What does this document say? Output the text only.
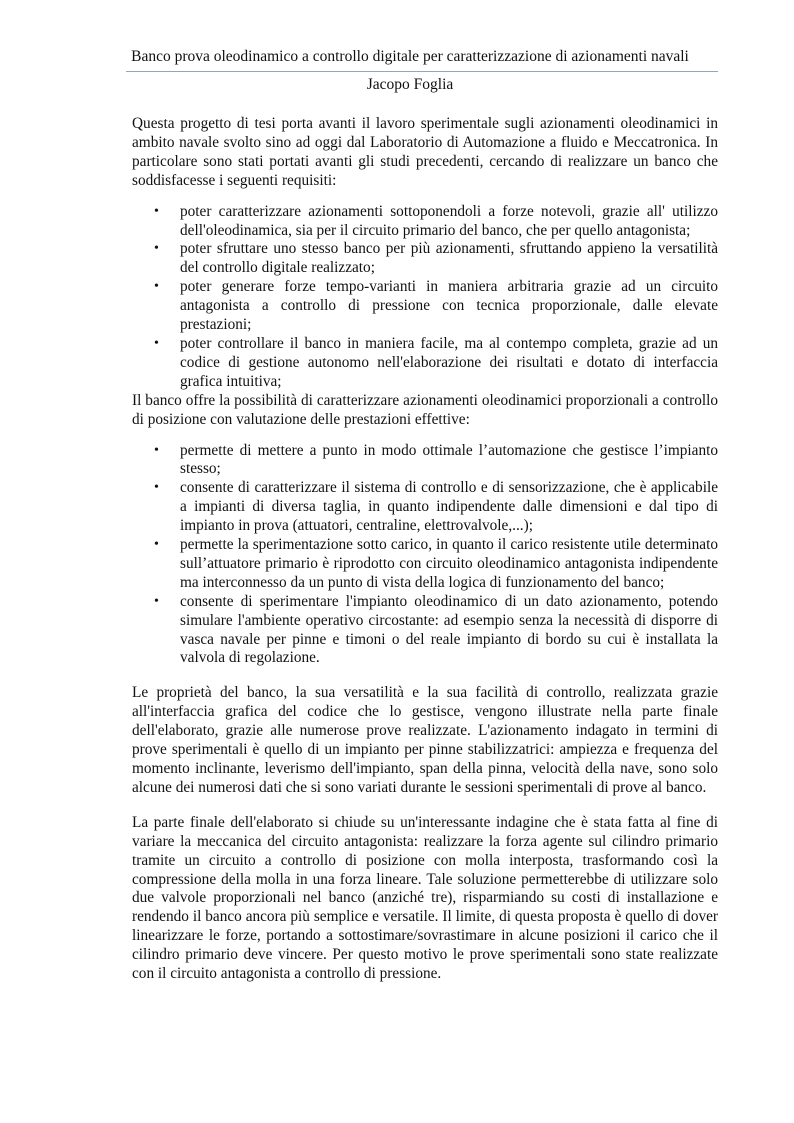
Banco prova oleodinamico a controllo digitale per caratterizzazione di azionamenti navali
Jacopo Foglia

Questa progetto di tesi porta avanti il lavoro sperimentale sugli azionamenti oleodinamici in ambito navale svolto sino ad oggi dal Laboratorio di Automazione a fluido e Meccatronica. In particolare sono stati portati avanti gli studi precedenti, cercando di realizzare un banco che soddisfacesse i seguenti requisiti:

• poter caratterizzare azionamenti sottoponendoli a forze notevoli, grazie all' utilizzo dell'oleodinamica, sia per il circuito primario del banco, che per quello antagonista;
• poter sfruttare uno stesso banco per più azionamenti, sfruttando appieno la versatilità del controllo digitale realizzato;
• poter generare forze tempo-varianti in maniera arbitraria grazie ad un circuito antagonista a controllo di pressione con tecnica proporzionale, dalle elevate prestazioni;
• poter controllare il banco in maniera facile, ma al contempo completa, grazie ad un codice di gestione autonomo nell'elaborazione dei risultati e dotato di interfaccia grafica intuitiva;

Il banco offre la possibilità di caratterizzare azionamenti oleodinamici proporzionali a controllo di posizione con valutazione delle prestazioni effettive:

• permette di mettere a punto in modo ottimale l’automazione che gestisce l’impianto stesso;
• consente di caratterizzare il sistema di controllo e di sensorizzazione, che è applicabile a impianti di diversa taglia, in quanto indipendente dalle dimensioni e dal tipo di impianto in prova (attuatori, centraline, elettrovalvole,...);
• permette la sperimentazione sotto carico, in quanto il carico resistente utile determinato sull’attuatore primario è riprodotto con circuito oleodinamico antagonista indipendente ma interconnesso da un punto di vista della logica di funzionamento del banco;
• consente di sperimentare l'impianto oleodinamico di un dato azionamento, potendo simulare l'ambiente operativo circostante: ad esempio senza la necessità di disporre di vasca navale per pinne e timoni o del reale impianto di bordo su cui è installata la valvola di regolazione.

Le proprietà del banco, la sua versatilità e la sua facilità di controllo, realizzata grazie all'interfaccia grafica del codice che lo gestisce, vengono illustrate nella parte finale dell'elaborato, grazie alle numerose prove realizzate. L'azionamento indagato in termini di prove sperimentali è quello di un impianto per pinne stabilizzatrici: ampiezza e frequenza del momento inclinante, leverismo dell'impianto, span della pinna, velocità della nave, sono solo alcune dei numerosi dati che si sono variati durante le sessioni sperimentali di prove al banco.

La parte finale dell'elaborato si chiude su un'interessante indagine che è stata fatta al fine di variare la meccanica del circuito antagonista: realizzare la forza agente sul cilindro primario tramite un circuito a controllo di posizione con molla interposta, trasformando così la compressione della molla in una forza lineare. Tale soluzione permetterebbe di utilizzare solo due valvole proporzionali nel banco (anziché tre), risparmiando su costi di installazione e rendendo il banco ancora più semplice e versatile. Il limite, di questa proposta è quello di dover linearizzare le forze, portando a sottostimare/sovrastimare in alcune posizioni il carico che il cilindro primario deve vincere. Per questo motivo le prove sperimentali sono state realizzate con il circuito antagonista a controllo di pressione.
